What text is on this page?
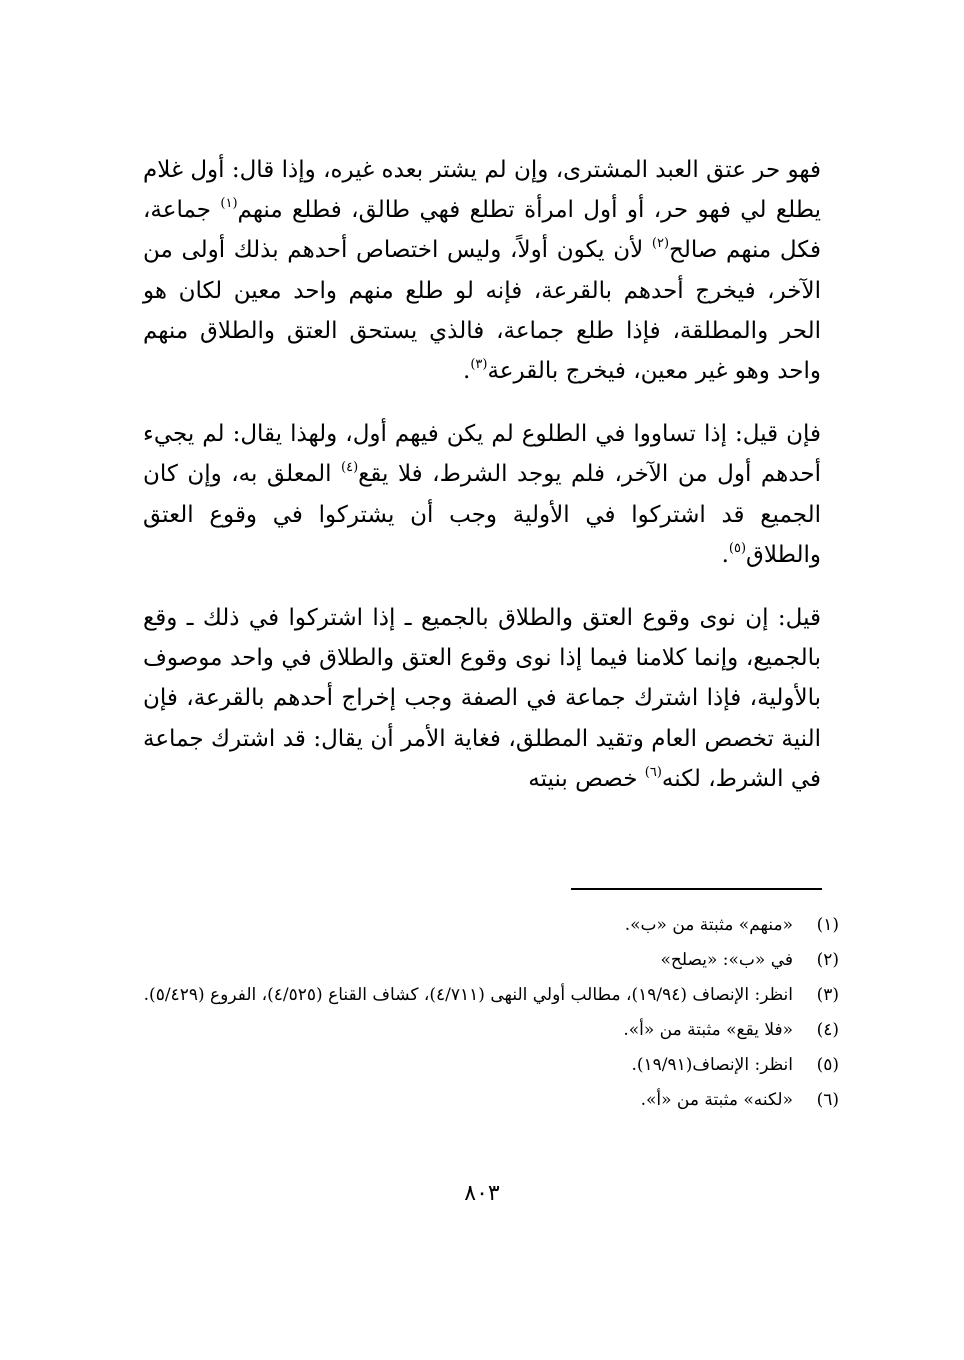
فهو حر عتق العبد المشترى، وإن لم يشتر بعده غيره، وإذا قال: أول غلام يطلع لي فهو حر، أو أول امرأة تطلع فهي طالق، فطلع منهم$^{(١)}$ جماعة، فكل منهم صالح$^{(٢)}$ لأن يكون أولاً، وليس اختصاص أحدهم بذلك أولى من الآخر، فيخرج أحدهم بالقرعة، فإنه لو طلع منهم واحد معين لكان هو الحر والمطلقة، فإذا طلع جماعة، فالذي يستحق العتق والطلاق منهم واحد وهو غير معين، فيخرج بالقرعة$^{(٣)}$.

فإن قيل: إذا تساووا في الطلوع لم يكن فيهم أول، ولهذا يقال: لم يجيء أحدهم أول من الآخر، فلم يوجد الشرط، فلا يقع$^{(٤)}$ المعلق به، وإن كان الجميع قد اشتركوا في الأولية وجب أن يشتركوا في وقوع العتق والطلاق$^{(٥)}$.

قيل: إن نوى وقوع العتق والطلاق بالجميع ـ إذا اشتركوا في ذلك ـ وقع بالجميع، وإنما كلامنا فيما إذا نوى وقوع العتق والطلاق في واحد موصوف بالأولية، فإذا اشترك جماعة في الصفة وجب إخراج أحدهم بالقرعة، فإن النية تخصص العام وتقيد المطلق، فغاية الأمر أن يقال: قد اشترك جماعة في الشرط، لكنه$^{(٦)}$ خصص بنيته

(١)
«منهم» مثبتة من «ب».
(٢)
في «ب»: «يصلح»
(٣)
انظر: الإنصاف (١٩/٩٤)، مطالب أولي النهى (٤/٧١١)، كشاف القناع (٤/٥٢٥)، الفروع (٥/٤٢٩).
(٤)
«فلا يقع» مثبتة من «أ».
(٥)
انظر: الإنصاف(١٩/٩١).
(٦)
«لكنه» مثبتة من «أ».
٨٠٣
